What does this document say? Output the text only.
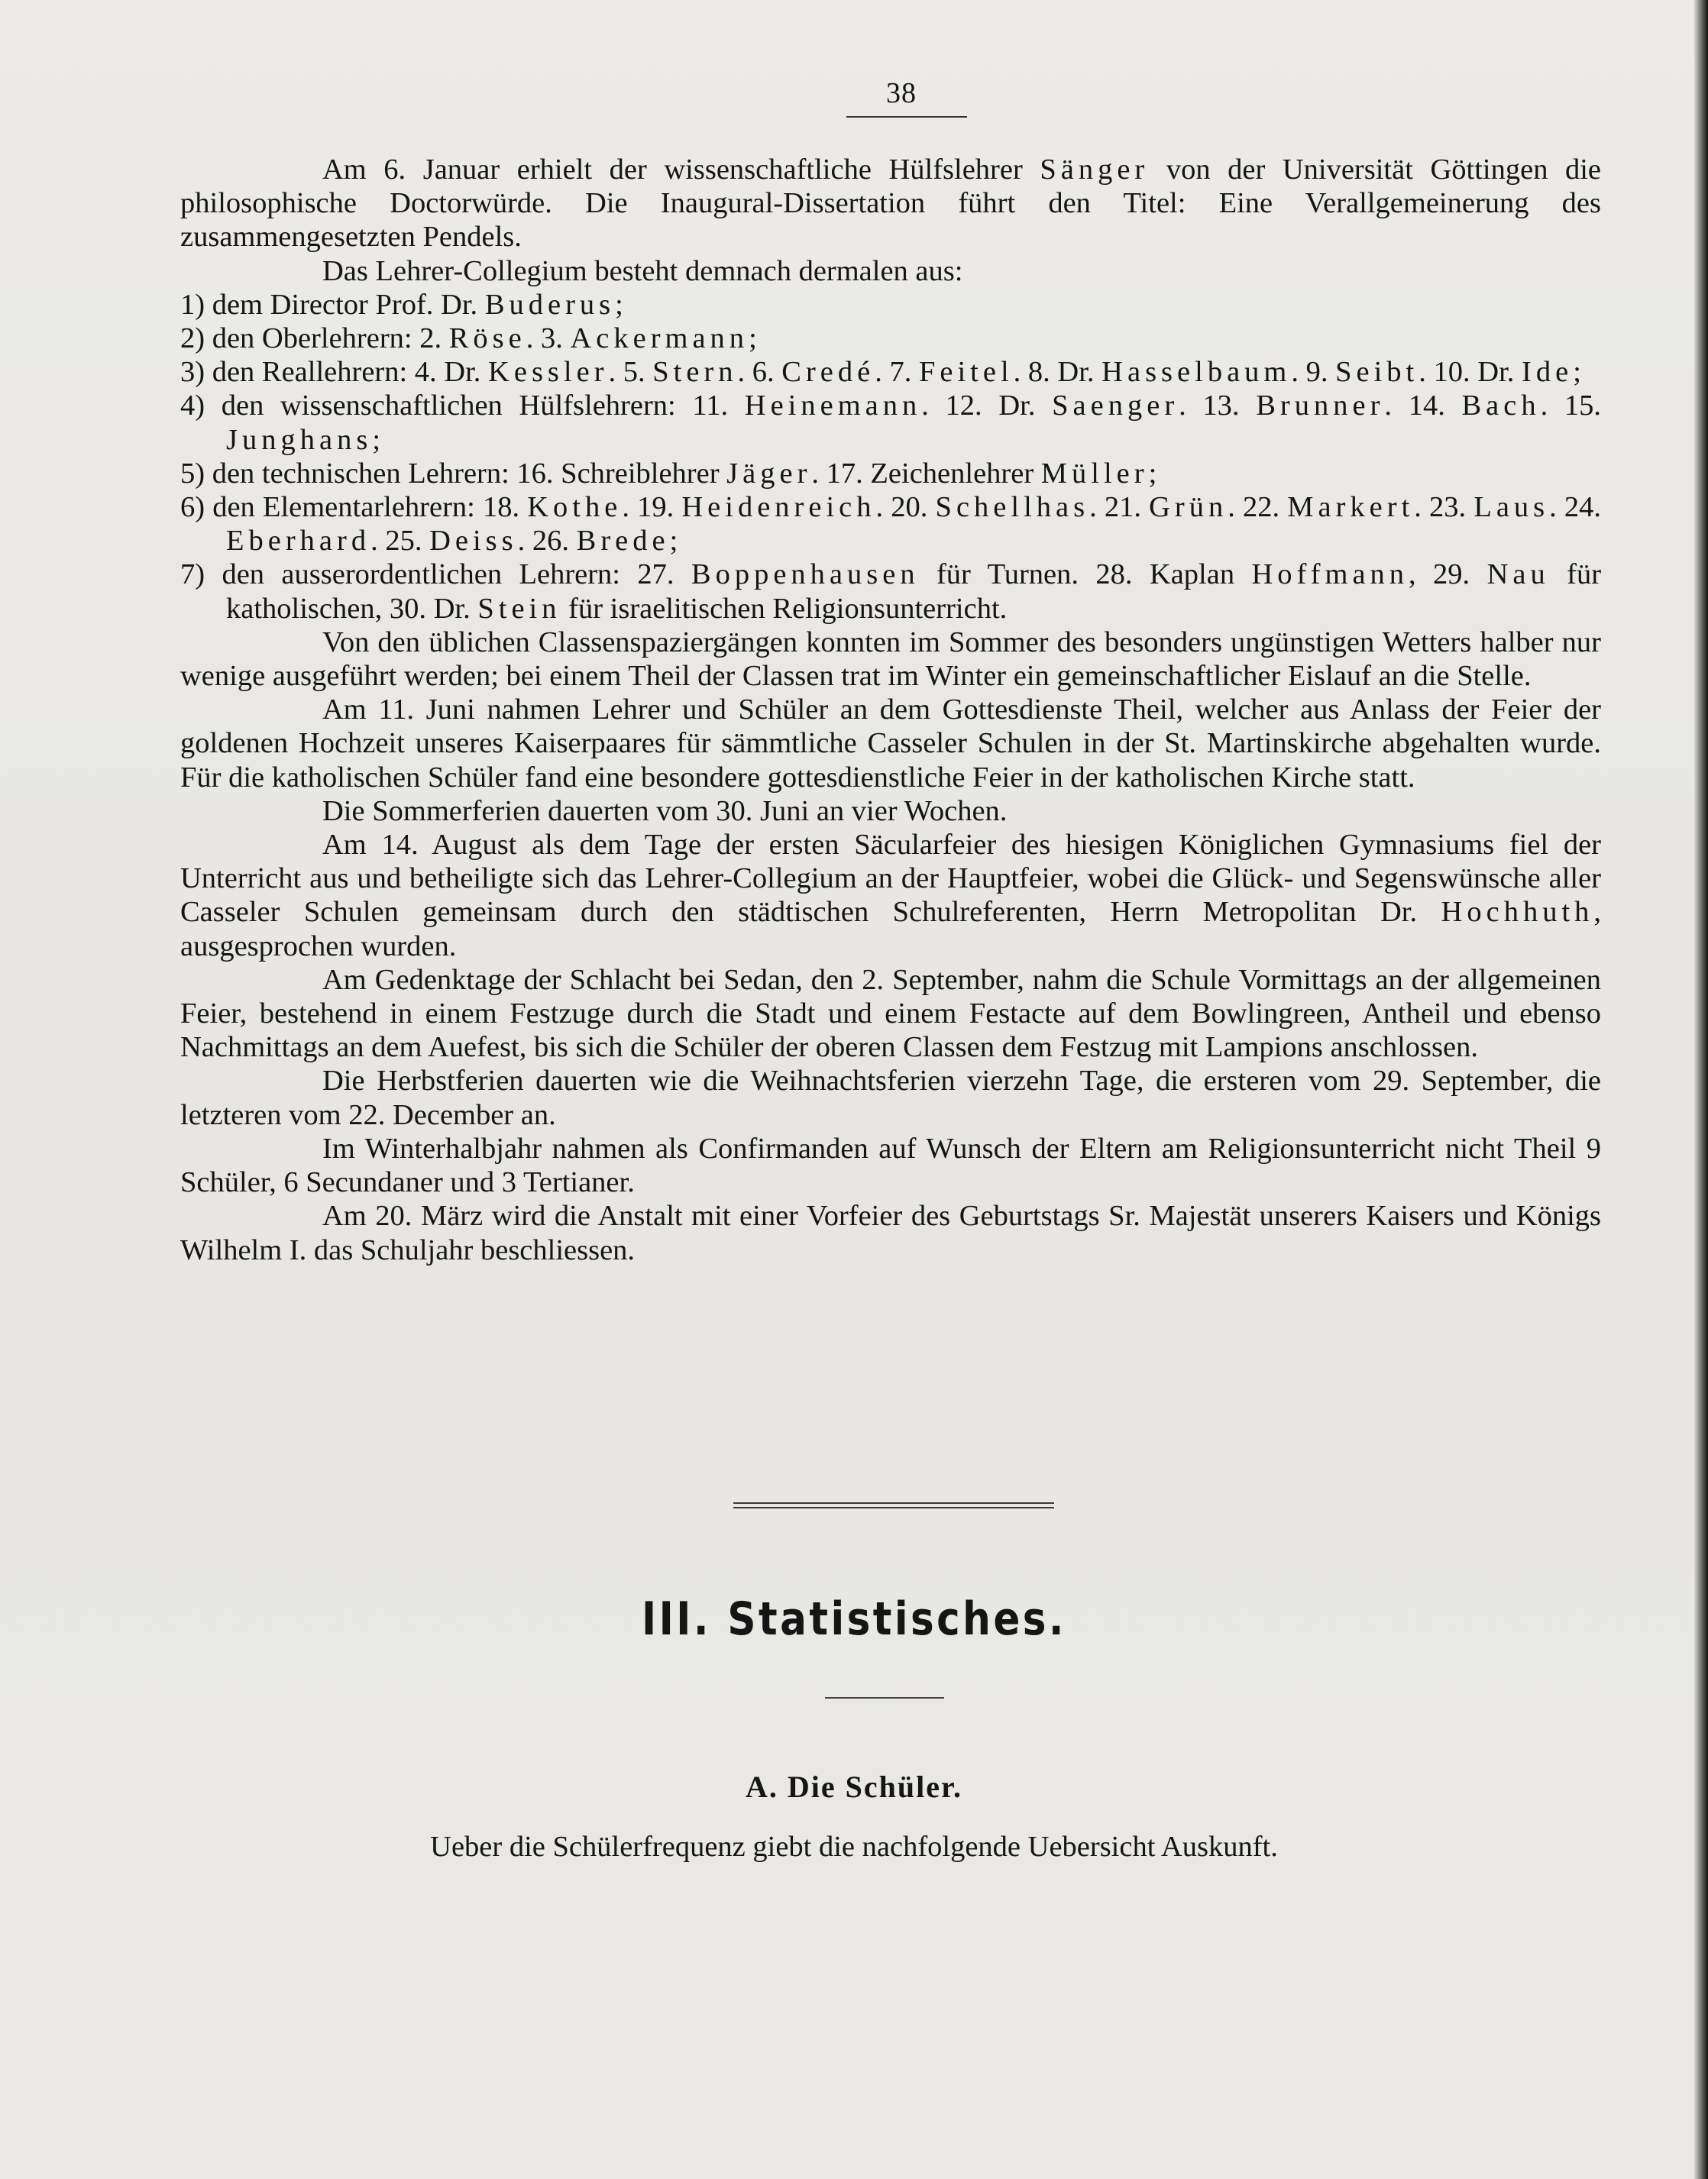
38

Am 6. Januar erhielt der wissenschaftliche Hülfslehrer Sänger von der Universität Göttingen die philosophische Doctorwürde. Die Inaugural-Dissertation führt den Titel: Eine Verallgemeinerung des zusammengesetzten Pendels.

Das Lehrer-Collegium besteht demnach dermalen aus:

1) dem Director Prof. Dr. Buderus;

2) den Oberlehrern: 2. Röse. 3. Ackermann;

3) den Reallehrern: 4. Dr. Kessler. 5. Stern. 6. Credé. 7. Feitel. 8. Dr. Hasselbaum. 9. Seibt. 10. Dr. Ide;

4) den wissenschaftlichen Hülfslehrern: 11. Heinemann. 12. Dr. Saenger. 13. Brunner. 14. Bach. 15. Junghans;

5) den technischen Lehrern: 16. Schreiblehrer Jäger. 17. Zeichenlehrer Müller;

6) den Elementarlehrern: 18. Kothe. 19. Heidenreich. 20. Schellhas. 21. Grün. 22. Markert. 23. Laus. 24. Eberhard. 25. Deiss. 26. Brede;

7) den ausserordentlichen Lehrern: 27. Boppenhausen für Turnen. 28. Kaplan Hoffmann, 29. Nau für katholischen, 30. Dr. Stein für israelitischen Religionsunterricht.

Von den üblichen Classenspaziergängen konnten im Sommer des besonders ungünstigen Wetters halber nur wenige ausgeführt werden; bei einem Theil der Classen trat im Winter ein gemeinschaftlicher Eislauf an die Stelle.

Am 11. Juni nahmen Lehrer und Schüler an dem Gottesdienste Theil, welcher aus Anlass der Feier der goldenen Hochzeit unseres Kaiserpaares für sämmtliche Casseler Schulen in der St. Martinskirche abgehalten wurde. Für die katholischen Schüler fand eine besondere gottesdienstliche Feier in der katholischen Kirche statt.

Die Sommerferien dauerten vom 30. Juni an vier Wochen.

Am 14. August als dem Tage der ersten Säcularfeier des hiesigen Königlichen Gymnasiums fiel der Unterricht aus und betheiligte sich das Lehrer-Collegium an der Hauptfeier, wobei die Glück- und Segenswünsche aller Casseler Schulen gemeinsam durch den städtischen Schulreferenten, Herrn Metropolitan Dr. Hochhuth, ausgesprochen wurden.

Am Gedenktage der Schlacht bei Sedan, den 2. September, nahm die Schule Vormittags an der allgemeinen Feier, bestehend in einem Festzuge durch die Stadt und einem Festacte auf dem Bowlingreen, Antheil und ebenso Nachmittags an dem Auefest, bis sich die Schüler der oberen Classen dem Festzug mit Lampions anschlossen.

Die Herbstferien dauerten wie die Weihnachtsferien vierzehn Tage, die ersteren vom 29. September, die letzteren vom 22. December an.

Im Winterhalbjahr nahmen als Confirmanden auf Wunsch der Eltern am Religionsunterricht nicht Theil 9 Schüler, 6 Secundaner und 3 Tertianer.

Am 20. März wird die Anstalt mit einer Vorfeier des Geburtstags Sr. Majestät unserers Kaisers und Königs Wilhelm I. das Schuljahr beschliessen.

III. Statistisches.
A. Die Schüler.
Ueber die Schülerfrequenz giebt die nachfolgende Uebersicht Auskunft.
